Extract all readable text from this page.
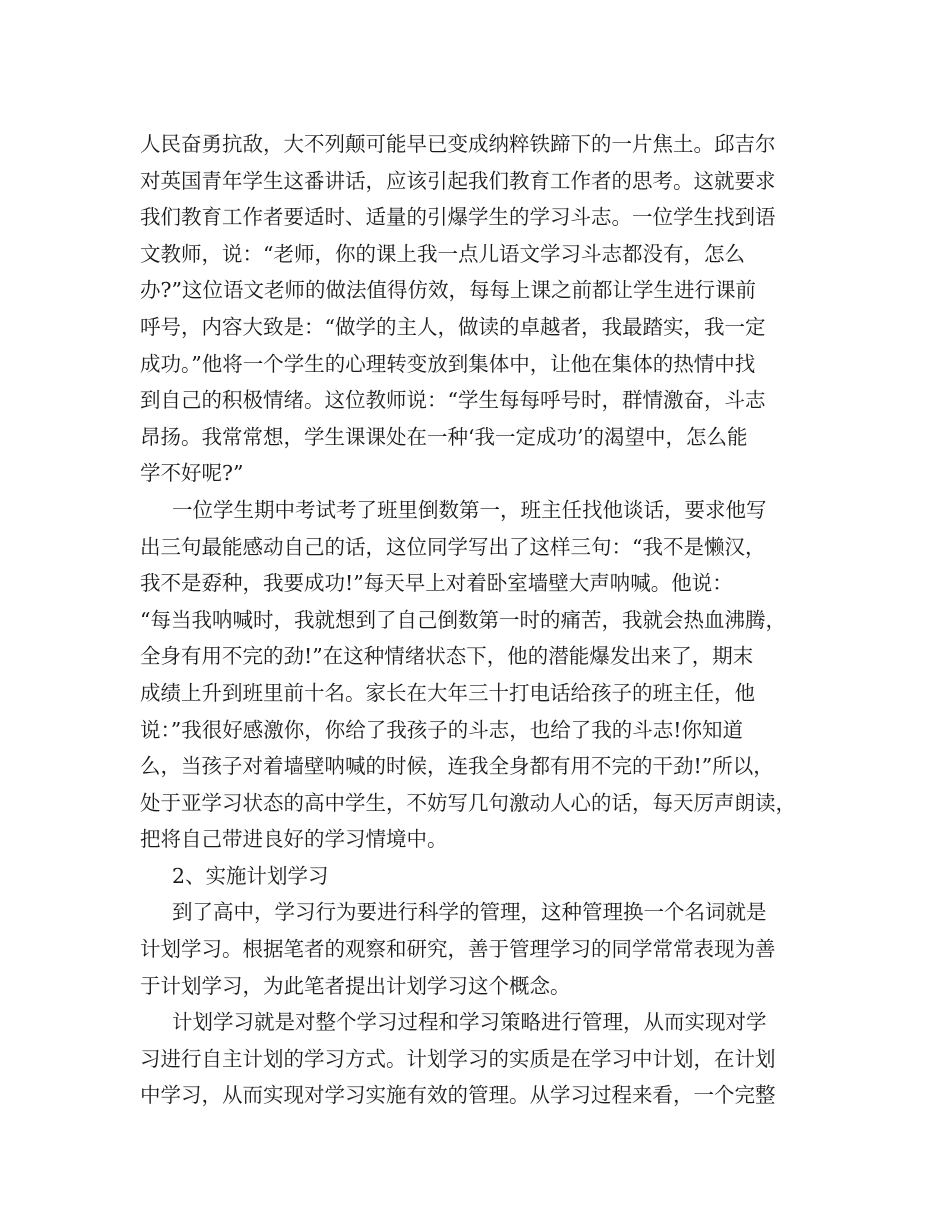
人民奋勇抗敌，大不列颠可能早已变成纳粹铁蹄下的一片焦土。邱吉尔
对英国青年学生这番讲话，应该引起我们教育工作者的思考。这就要求
我们教育工作者要适时、适量的引爆学生的学习斗志。一位学生找到语
文教师，说：“老师，你的课上我一点儿语文学习斗志都没有，怎么
办?”这位语文老师的做法值得仿效，每每上课之前都让学生进行课前
呼号，内容大致是：“做学的主人，做读的卓越者，我最踏实，我一定
成功。”他将一个学生的心理转变放到集体中，让他在集体的热情中找
到自己的积极情绪。这位教师说：“学生每每呼号时，群情激奋，斗志
昂扬。我常常想，学生课课处在一种‘我一定成功’的渴望中，怎么能
学不好呢?”
一位学生期中考试考了班里倒数第一，班主任找他谈话，要求他写
出三句最能感动自己的话，这位同学写出了这样三句：“我不是懒汉，
我不是孬种，我要成功!”每天早上对着卧室墙壁大声呐喊。他说：
“每当我呐喊时，我就想到了自己倒数第一时的痛苦，我就会热血沸腾，
全身有用不完的劲!”在这种情绪状态下，他的潜能爆发出来了，期末
成绩上升到班里前十名。家长在大年三十打电话给孩子的班主任，他
说：”我很好感激你，你给了我孩子的斗志，也给了我的斗志!你知道
么，当孩子对着墙壁呐喊的时候，连我全身都有用不完的干劲!”所以，
处于亚学习状态的高中学生，不妨写几句激动人心的话，每天厉声朗读，
把将自己带进良好的学习情境中。
2、实施计划学习
到了高中，学习行为要进行科学的管理，这种管理换一个名词就是
计划学习。根据笔者的观察和研究，善于管理学习的同学常常表现为善
于计划学习，为此笔者提出计划学习这个概念。
计划学习就是对整个学习过程和学习策略进行管理，从而实现对学
习进行自主计划的学习方式。计划学习的实质是在学习中计划，在计划
中学习，从而实现对学习实施有效的管理。从学习过程来看，一个完整
